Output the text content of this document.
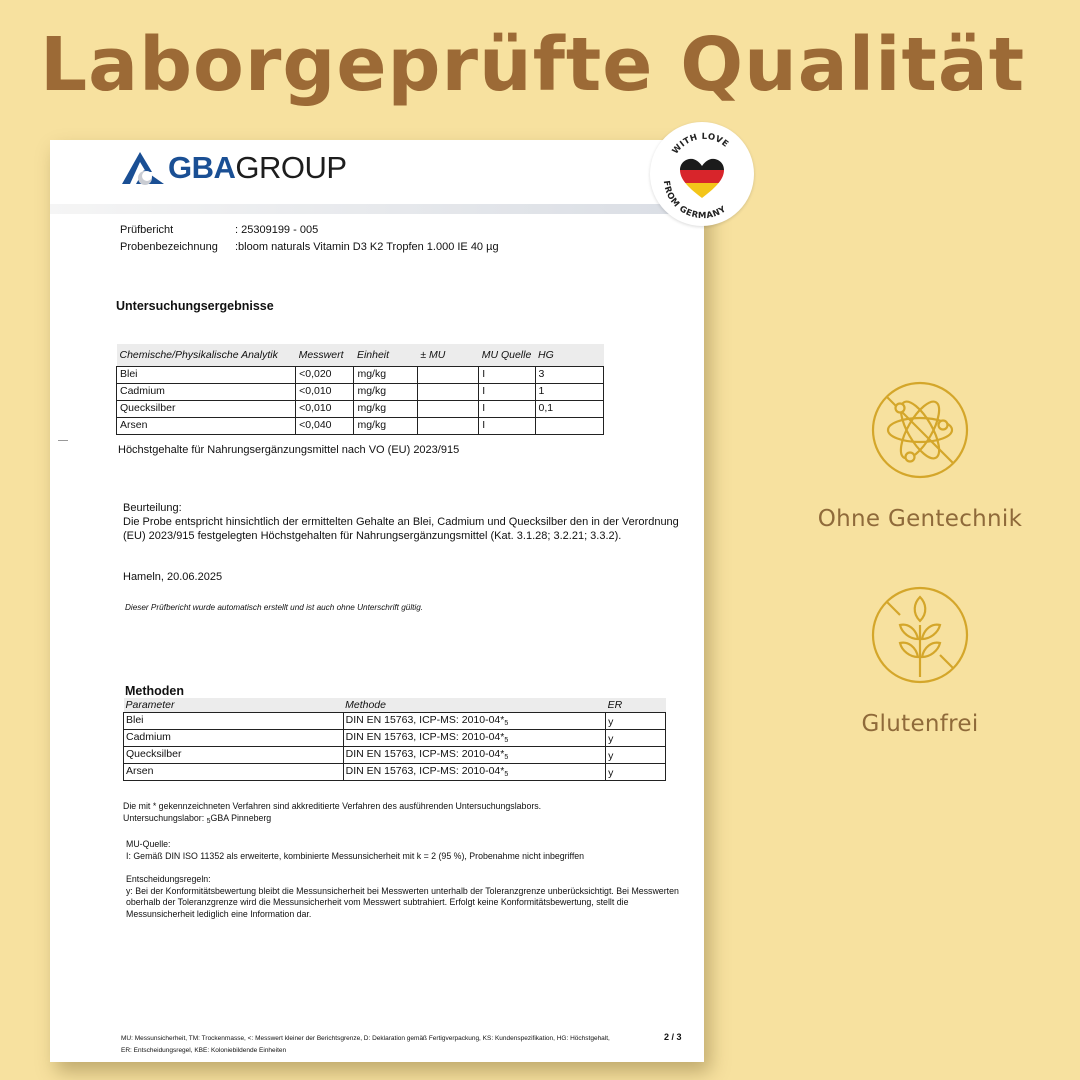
Laborgeprüfte Qualität
GBA GROUP
Prüfbericht	: 25309199 - 005
Probenbezeichnung	:bloom naturals Vitamin D3 K2 Tropfen 1.000 IE 40 µg
Untersuchungsergebnisse
Chemische/Physikalische Analytik	Messwert	Einheit	± MU	MU Quelle	HG
Blei	<0,020	mg/kg		I	3
Cadmium	<0,010	mg/kg		I	1
Quecksilber	<0,010	mg/kg		I	0,1
Arsen	<0,040	mg/kg		I	
Höchstgehalte für Nahrungsergänzungsmittel nach VO (EU) 2023/915
Beurteilung:
Die Probe entspricht hinsichtlich der ermittelten Gehalte an Blei, Cadmium und Quecksilber den in der Verordnung (EU) 2023/915 festgelegten Höchstgehalten für Nahrungsergänzungsmittel (Kat. 3.1.28; 3.2.21; 3.3.2).
Hameln, 20.06.2025
Dieser Prüfbericht wurde automatisch erstellt und ist auch ohne Unterschrift gültig.
Methoden
Parameter	Methode	ER
Blei	DIN EN 15763, ICP-MS: 2010-04*5	y
Cadmium	DIN EN 15763, ICP-MS: 2010-04*5	y
Quecksilber	DIN EN 15763, ICP-MS: 2010-04*5	y
Arsen	DIN EN 15763, ICP-MS: 2010-04*5	y

Die mit * gekennzeichneten Verfahren sind akkreditierte Verfahren des ausführenden Untersuchungslabors.
Untersuchungslabor: $_5$GBA Pinneberg

MU-Quelle:
I: Gemäß DIN ISO 11352 als erweiterte, kombinierte Messunsicherheit mit k = 2 (95 %), Probenahme nicht inbegriffen

Entscheidungsregeln:
y: Bei der Konformitätsbewertung bleibt die Messunsicherheit bei Messwerten unterhalb der Toleranzgrenze unberücksichtigt. Bei Messwerten oberhalb der Toleranzgrenze wird die Messunsicherheit vom Messwert subtrahiert. Erfolgt keine Konformitätsbewertung, stellt die Messunsicherheit lediglich eine Information dar.

MU: Messunsicherheit, TM: Trockenmasse, <: Messwert kleiner der Berichtsgrenze, D: Deklaration gemäß Fertigverpackung, KS: Kundenspezifikation, HG: Höchstgehalt, ER: Entscheidungsregel, KBE: Koloniebildende Einheiten
2 / 3
WITH LOVE
FROM GERMANY
Ohne Gentechnik
Glutenfrei
